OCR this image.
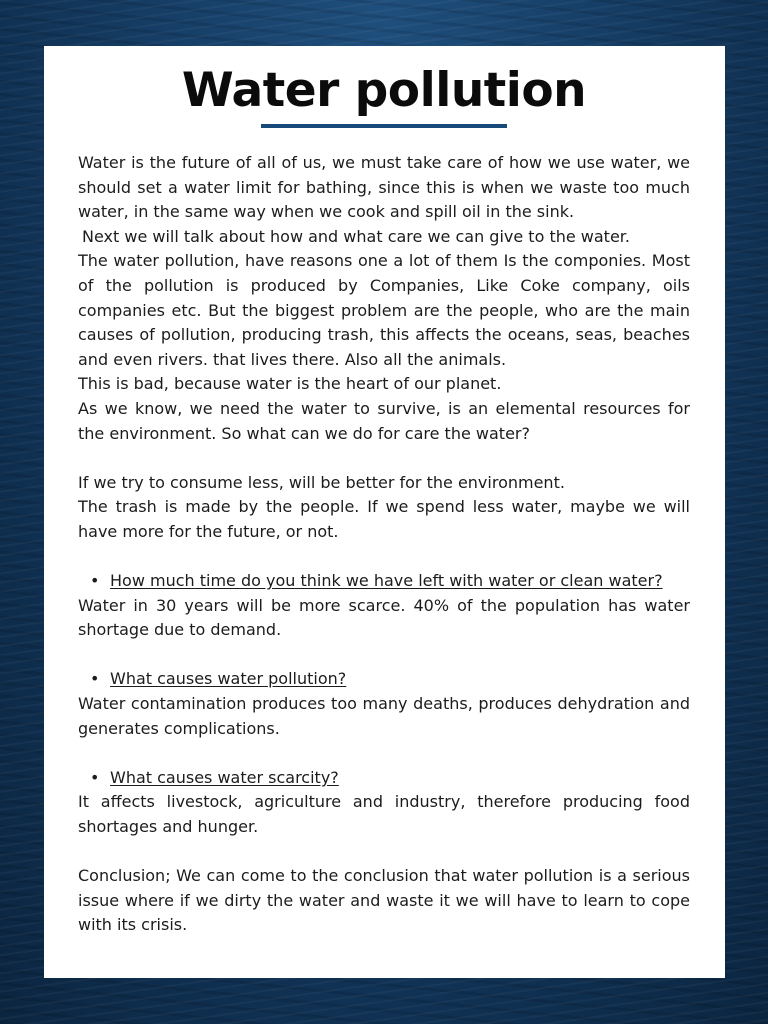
Water pollution

Water is the future of all of us, we must take care of how we use water, we should set a water limit for bathing, since this is when we waste too much water, in the same way when we cook and spill oil in the sink.

Next we will talk about how and what care we can give to the water.

The water pollution, have reasons one a lot of them Is the componies. Most of the pollution is produced by Companies, Like Coke company, oils companies etc. But the biggest problem are the people, who are the main causes of pollution, producing trash, this affects the oceans, seas, beaches and even rivers. that lives there. Also all the animals.

This is bad, because water is the heart of our planet.

As we know, we need the water to survive, is an elemental resources for the environment. So what can we do for care the water?

If we try to consume less, will be better for the environment.

The trash is made by the people. If we spend less water, maybe we will have more for the future, or not.

• How much time do you think we have left with water or clean water?

Water in 30 years will be more scarce. 40% of the population has water shortage due to demand.

• What causes water pollution?

Water contamination produces too many deaths, produces dehydration and generates complications.

• What causes water scarcity?

It affects livestock, agriculture and industry, therefore producing food shortages and hunger.

Conclusion; We can come to the conclusion that water pollution is a serious issue where if we dirty the water and waste it we will have to learn to cope with its crisis.
